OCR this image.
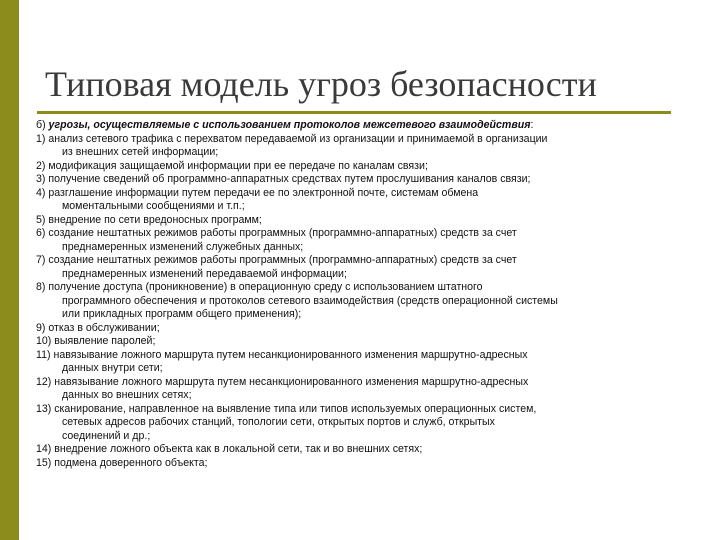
Типовая модель угроз безопасности
б) угрозы, осуществляемые с использованием протоколов межсетевого взаимодействия:
1) анализ сетевого трафика с перехватом передаваемой из организации и принимаемой в организации
из внешних сетей информации;
2) модификация защищаемой информации при ее передаче по каналам связи;
3) получение сведений об программно-аппаратных средствах путем прослушивания каналов связи;
4) разглашение информации путем передачи ее по электронной почте, системам обмена
моментальными сообщениями и т.п.;
5) внедрение по сети вредоносных программ;
6) создание нештатных режимов работы программных (программно-аппаратных) средств за счет
преднамеренных изменений служебных данных;
7) создание нештатных режимов работы программных (программно-аппаратных) средств за счет
преднамеренных изменений передаваемой информации;
8) получение доступа (проникновение) в операционную среду с использованием штатного
программного обеспечения и протоколов сетевого взаимодействия (средств операционной системы
или прикладных программ общего применения);
9) отказ в обслуживании;
10) выявление паролей;
11) навязывание ложного маршрута путем несанкционированного изменения маршрутно-адресных
данных внутри сети;
12) навязывание ложного маршрута путем несанкционированного изменения маршрутно-адресных
данных во внешних сетях;
13) сканирование, направленное на выявление типа или типов используемых операционных систем,
сетевых адресов рабочих станций, топологии сети, открытых портов и служб, открытых
соединений и др.;
14) внедрение ложного объекта как в локальной сети, так и во внешних сетях;
15) подмена доверенного объекта;
